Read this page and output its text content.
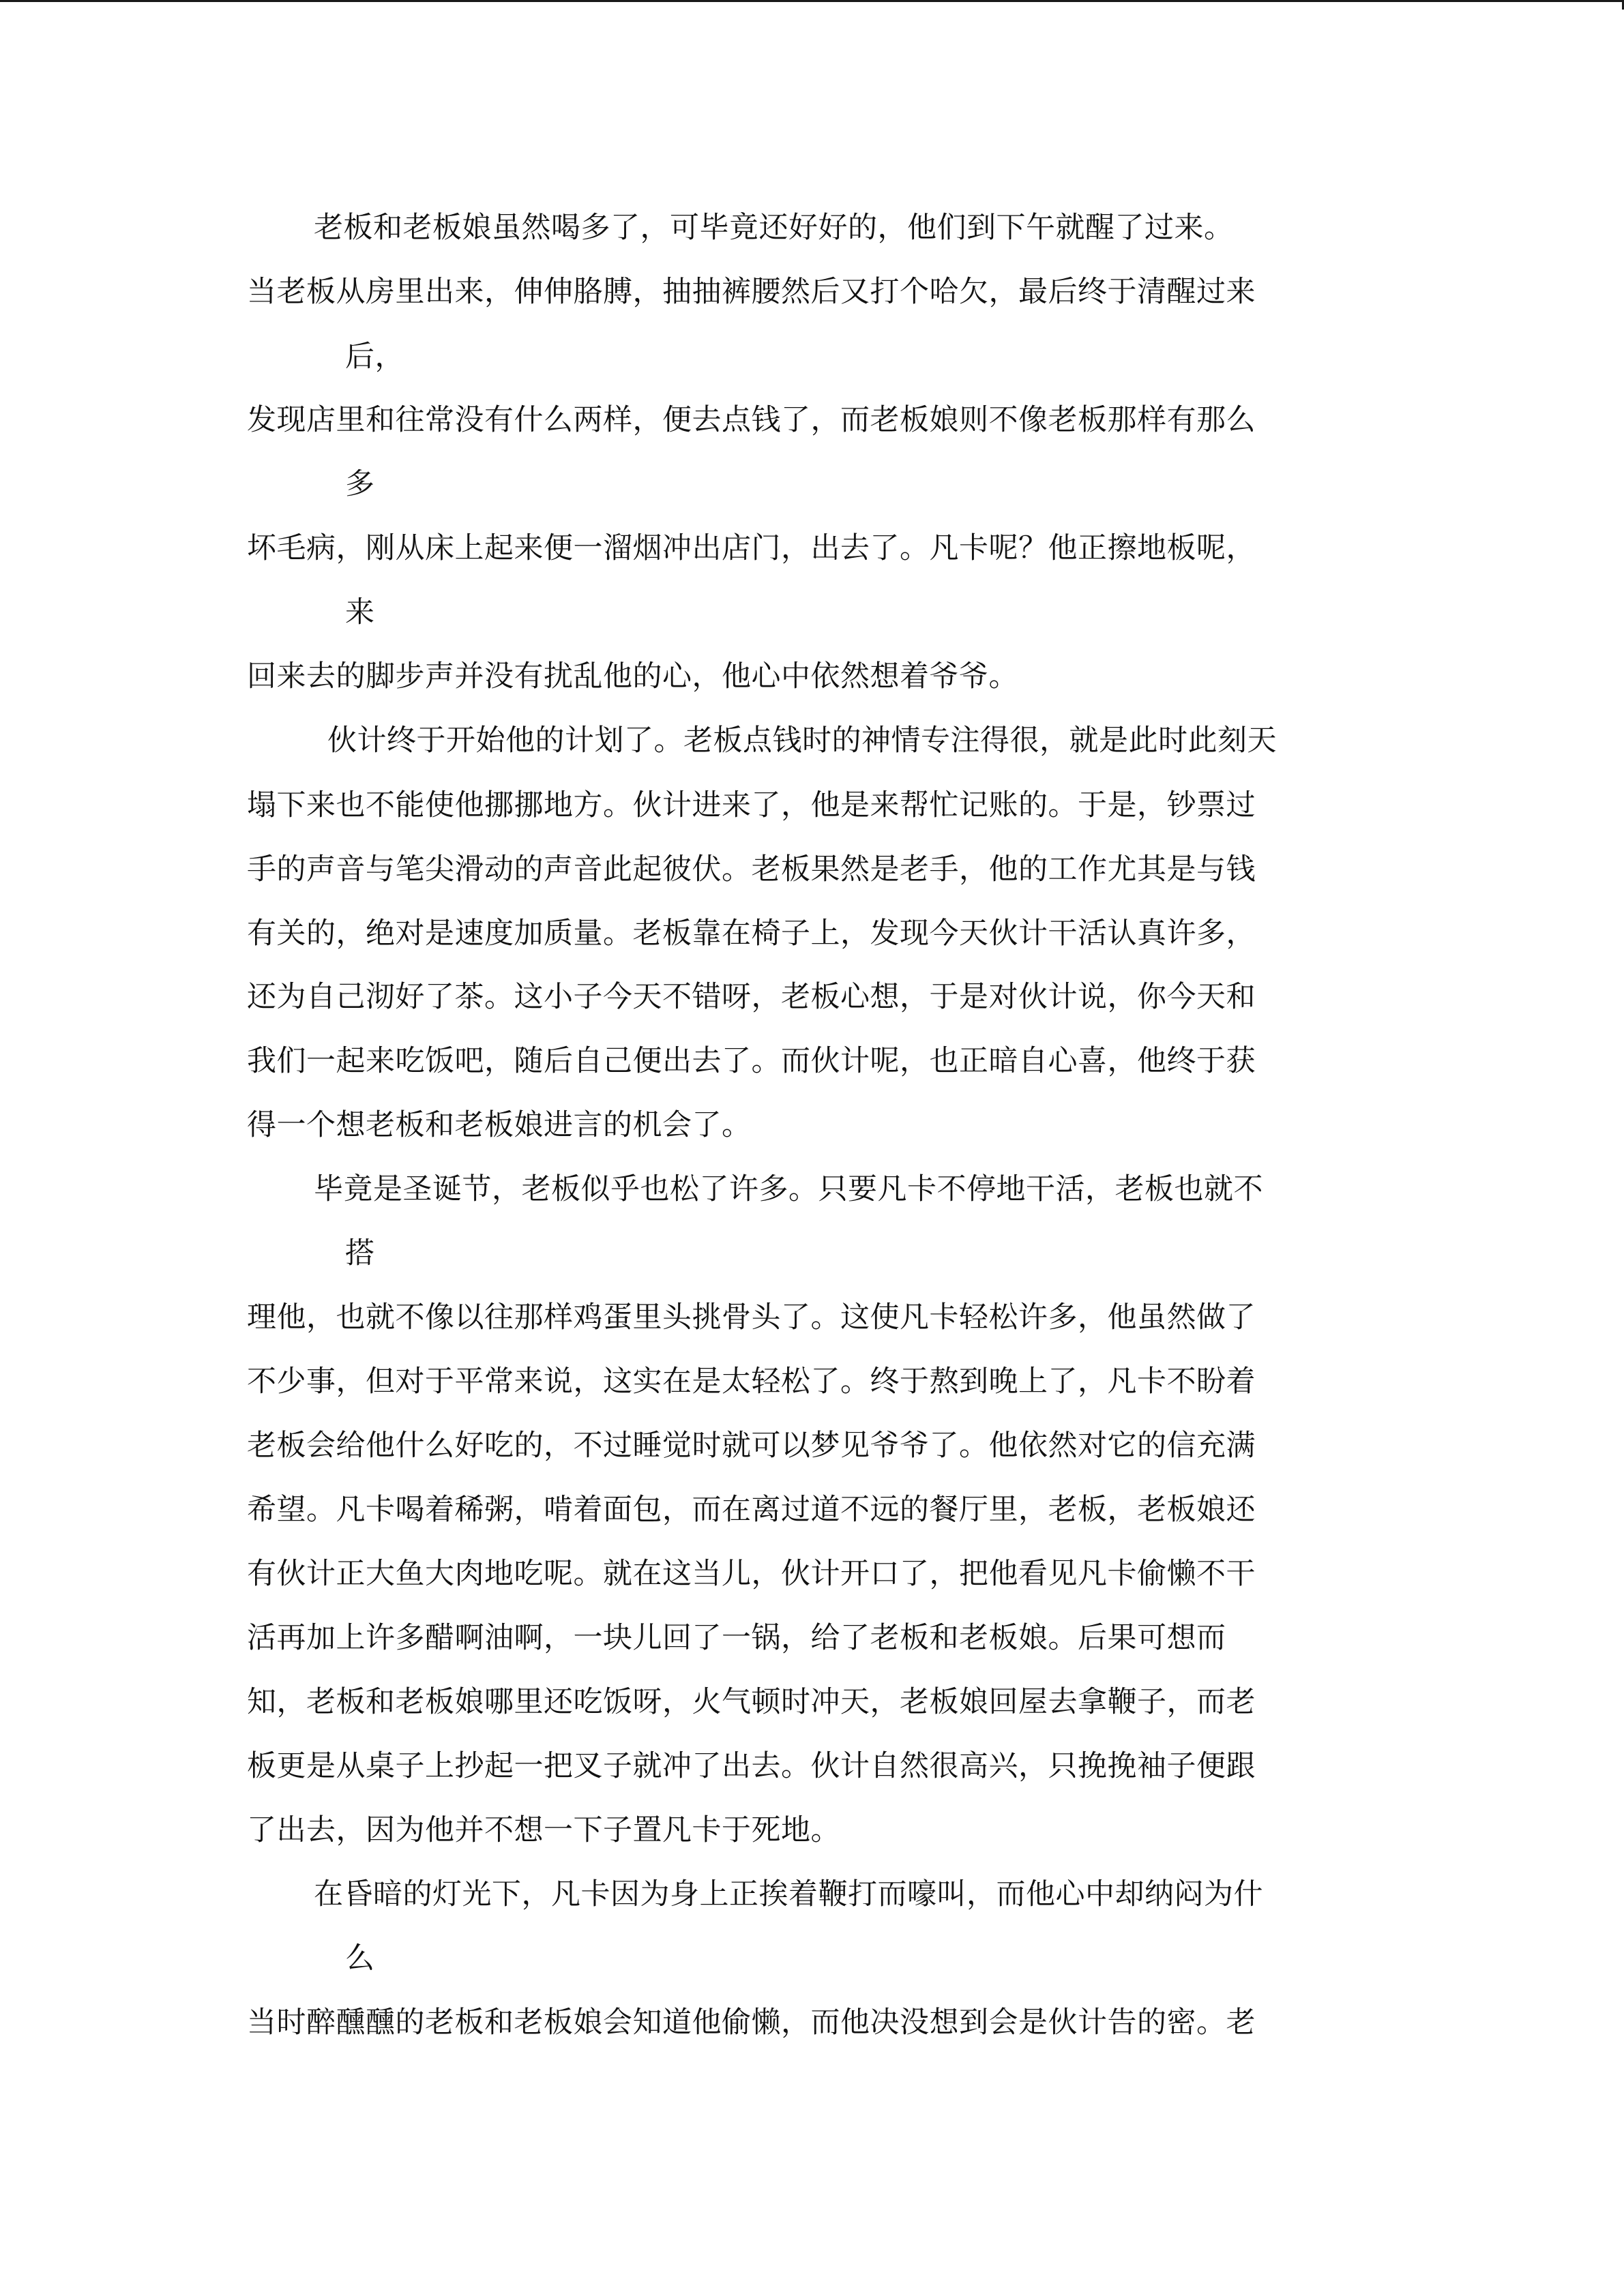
老板和老板娘虽然喝多了，可毕竟还好好的，他们到下午就醒了过来。
当老板从房里出来，伸伸胳膊，抽抽裤腰然后又打个哈欠，最后终于清醒过来
后，
发现店里和往常没有什么两样，便去点钱了，而老板娘则不像老板那样有那么
多
坏毛病，刚从床上起来便一溜烟冲出店门，出去了。凡卡呢？他正擦地板呢，
来
回来去的脚步声并没有扰乱他的心，他心中依然想着爷爷。
伙计终于开始他的计划了。老板点钱时的神情专注得很，就是此时此刻天
塌下来也不能使他挪挪地方。伙计进来了，他是来帮忙记账的。于是，钞票过
手的声音与笔尖滑动的声音此起彼伏。老板果然是老手，他的工作尤其是与钱
有关的，绝对是速度加质量。老板靠在椅子上，发现今天伙计干活认真许多，
还为自己沏好了茶。这小子今天不错呀，老板心想，于是对伙计说，你今天和
我们一起来吃饭吧，随后自己便出去了。而伙计呢，也正暗自心喜，他终于获
得一个想老板和老板娘进言的机会了。
毕竟是圣诞节，老板似乎也松了许多。只要凡卡不停地干活，老板也就不
搭
理他，也就不像以往那样鸡蛋里头挑骨头了。这使凡卡轻松许多，他虽然做了
不少事，但对于平常来说，这实在是太轻松了。终于熬到晚上了，凡卡不盼着
老板会给他什么好吃的，不过睡觉时就可以梦见爷爷了。他依然对它的信充满
希望。凡卡喝着稀粥，啃着面包，而在离过道不远的餐厅里，老板，老板娘还
有伙计正大鱼大肉地吃呢。就在这当儿，伙计开口了，把他看见凡卡偷懒不干
活再加上许多醋啊油啊，一块儿回了一锅，给了老板和老板娘。后果可想而
知，老板和老板娘哪里还吃饭呀，火气顿时冲天，老板娘回屋去拿鞭子，而老
板更是从桌子上抄起一把叉子就冲了出去。伙计自然很高兴，只挽挽袖子便跟
了出去，因为他并不想一下子置凡卡于死地。
在昏暗的灯光下，凡卡因为身上正挨着鞭打而嚎叫，而他心中却纳闷为什
么
当时醉醺醺的老板和老板娘会知道他偷懒，而他决没想到会是伙计告的密。老
